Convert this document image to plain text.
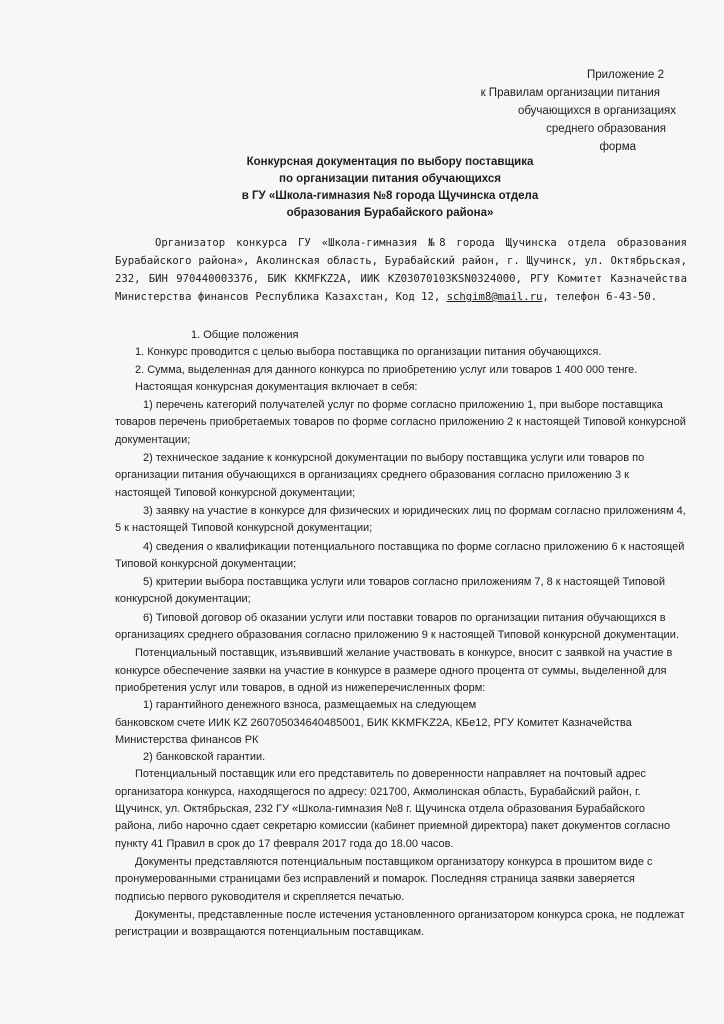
Приложение 2
к Правилам организации питания
обучающихся в организациях
среднего образования
форма
Конкурсная документация по выбору поставщика
по организации питания обучающихся
в ГУ «Школа-гимназия №8 города Щучинска отдела
образования Бурабайского района»
Организатор конкурса ГУ «Школа-гимназия №8 города Щучинска отдела образования Бурабайского района», Аколинская область, Бурабайский район, г. Щучинск, ул. Октябрьская, 232, БИН 970440003376, БИК KKMFKZ2A, ИИК KZ03070103KSN0324000, РГУ Комитет Казначейства Министерства финансов Республика Казахстан, Код 12, schgim8@mail.ru, телефон 6-43-50.

1. Общие положения

1. Конкурс проводится с целью выбора поставщика по организации питания обучающихся.

2. Сумма, выделенная для данного конкурса по приобретению услуг или товаров 1 400 000 тенге.

Настоящая конкурсная документация включает в себя:

1) перечень категорий получателей услуг по форме согласно приложению 1, при выборе поставщика товаров перечень приобретаемых товаров по форме согласно приложению 2 к настоящей Типовой конкурсной документации;

2) техническое задание к конкурсной документации по выбору поставщика услуги или товаров по организации питания обучающихся в организациях среднего образования согласно приложению 3 к настоящей Типовой конкурсной документации;

3) заявку на участие в конкурсе для физических и юридических лиц по формам согласно приложениям 4, 5 к настоящей Типовой конкурсной документации;

4) сведения о квалификации потенциального поставщика по форме согласно приложению 6 к настоящей Типовой конкурсной документации;

5) критерии выбора поставщика услуги или товаров согласно приложениям 7, 8 к настоящей Типовой конкурсной документации;

6) Типовой договор об оказании услуги или поставки товаров по организации питания обучающихся в организациях среднего образования согласно приложению 9 к настоящей Типовой конкурсной документации.

Потенциальный поставщик, изъявивший желание участвовать в конкурсе, вносит с заявкой на участие в конкурсе обеспечение заявки на участие в конкурсе в размере одного процента от суммы, выделенной для приобретения услуг или товаров, в одной из нижеперечисленных форм:

1) гарантийного денежного взноса, размещаемых на следующем

банковском счете ИИК KZ 260705034640485001, БИК KKMFKZ2A, КБе12, РГУ Комитет Казначейства Министерства финансов РК

2) банковской гарантии.

Потенциальный поставщик или его представитель по доверенности направляет на почтовый адрес организатора конкурса, находящегося по адресу: 021700, Акмолинская область, Бурабайский район, г. Щучинск, ул. Октябрьская, 232 ГУ «Школа-гимназия №8 г. Щучинска отдела образования Бурабайского района, либо нарочно сдает секретарю комиссии (кабинет приемной директора) пакет документов согласно пункту 41 Правил в срок до 17 февраля 2017 года до 18.00 часов.

Документы представляются потенциальным поставщиком организатору конкурса в прошитом виде с пронумерованными страницами без исправлений и помарок. Последняя страница заявки заверяется подписью первого руководителя и скрепляется печатью.

Документы, представленные после истечения установленного организатором конкурса срока, не подлежат регистрации и возвращаются потенциальным поставщикам.
